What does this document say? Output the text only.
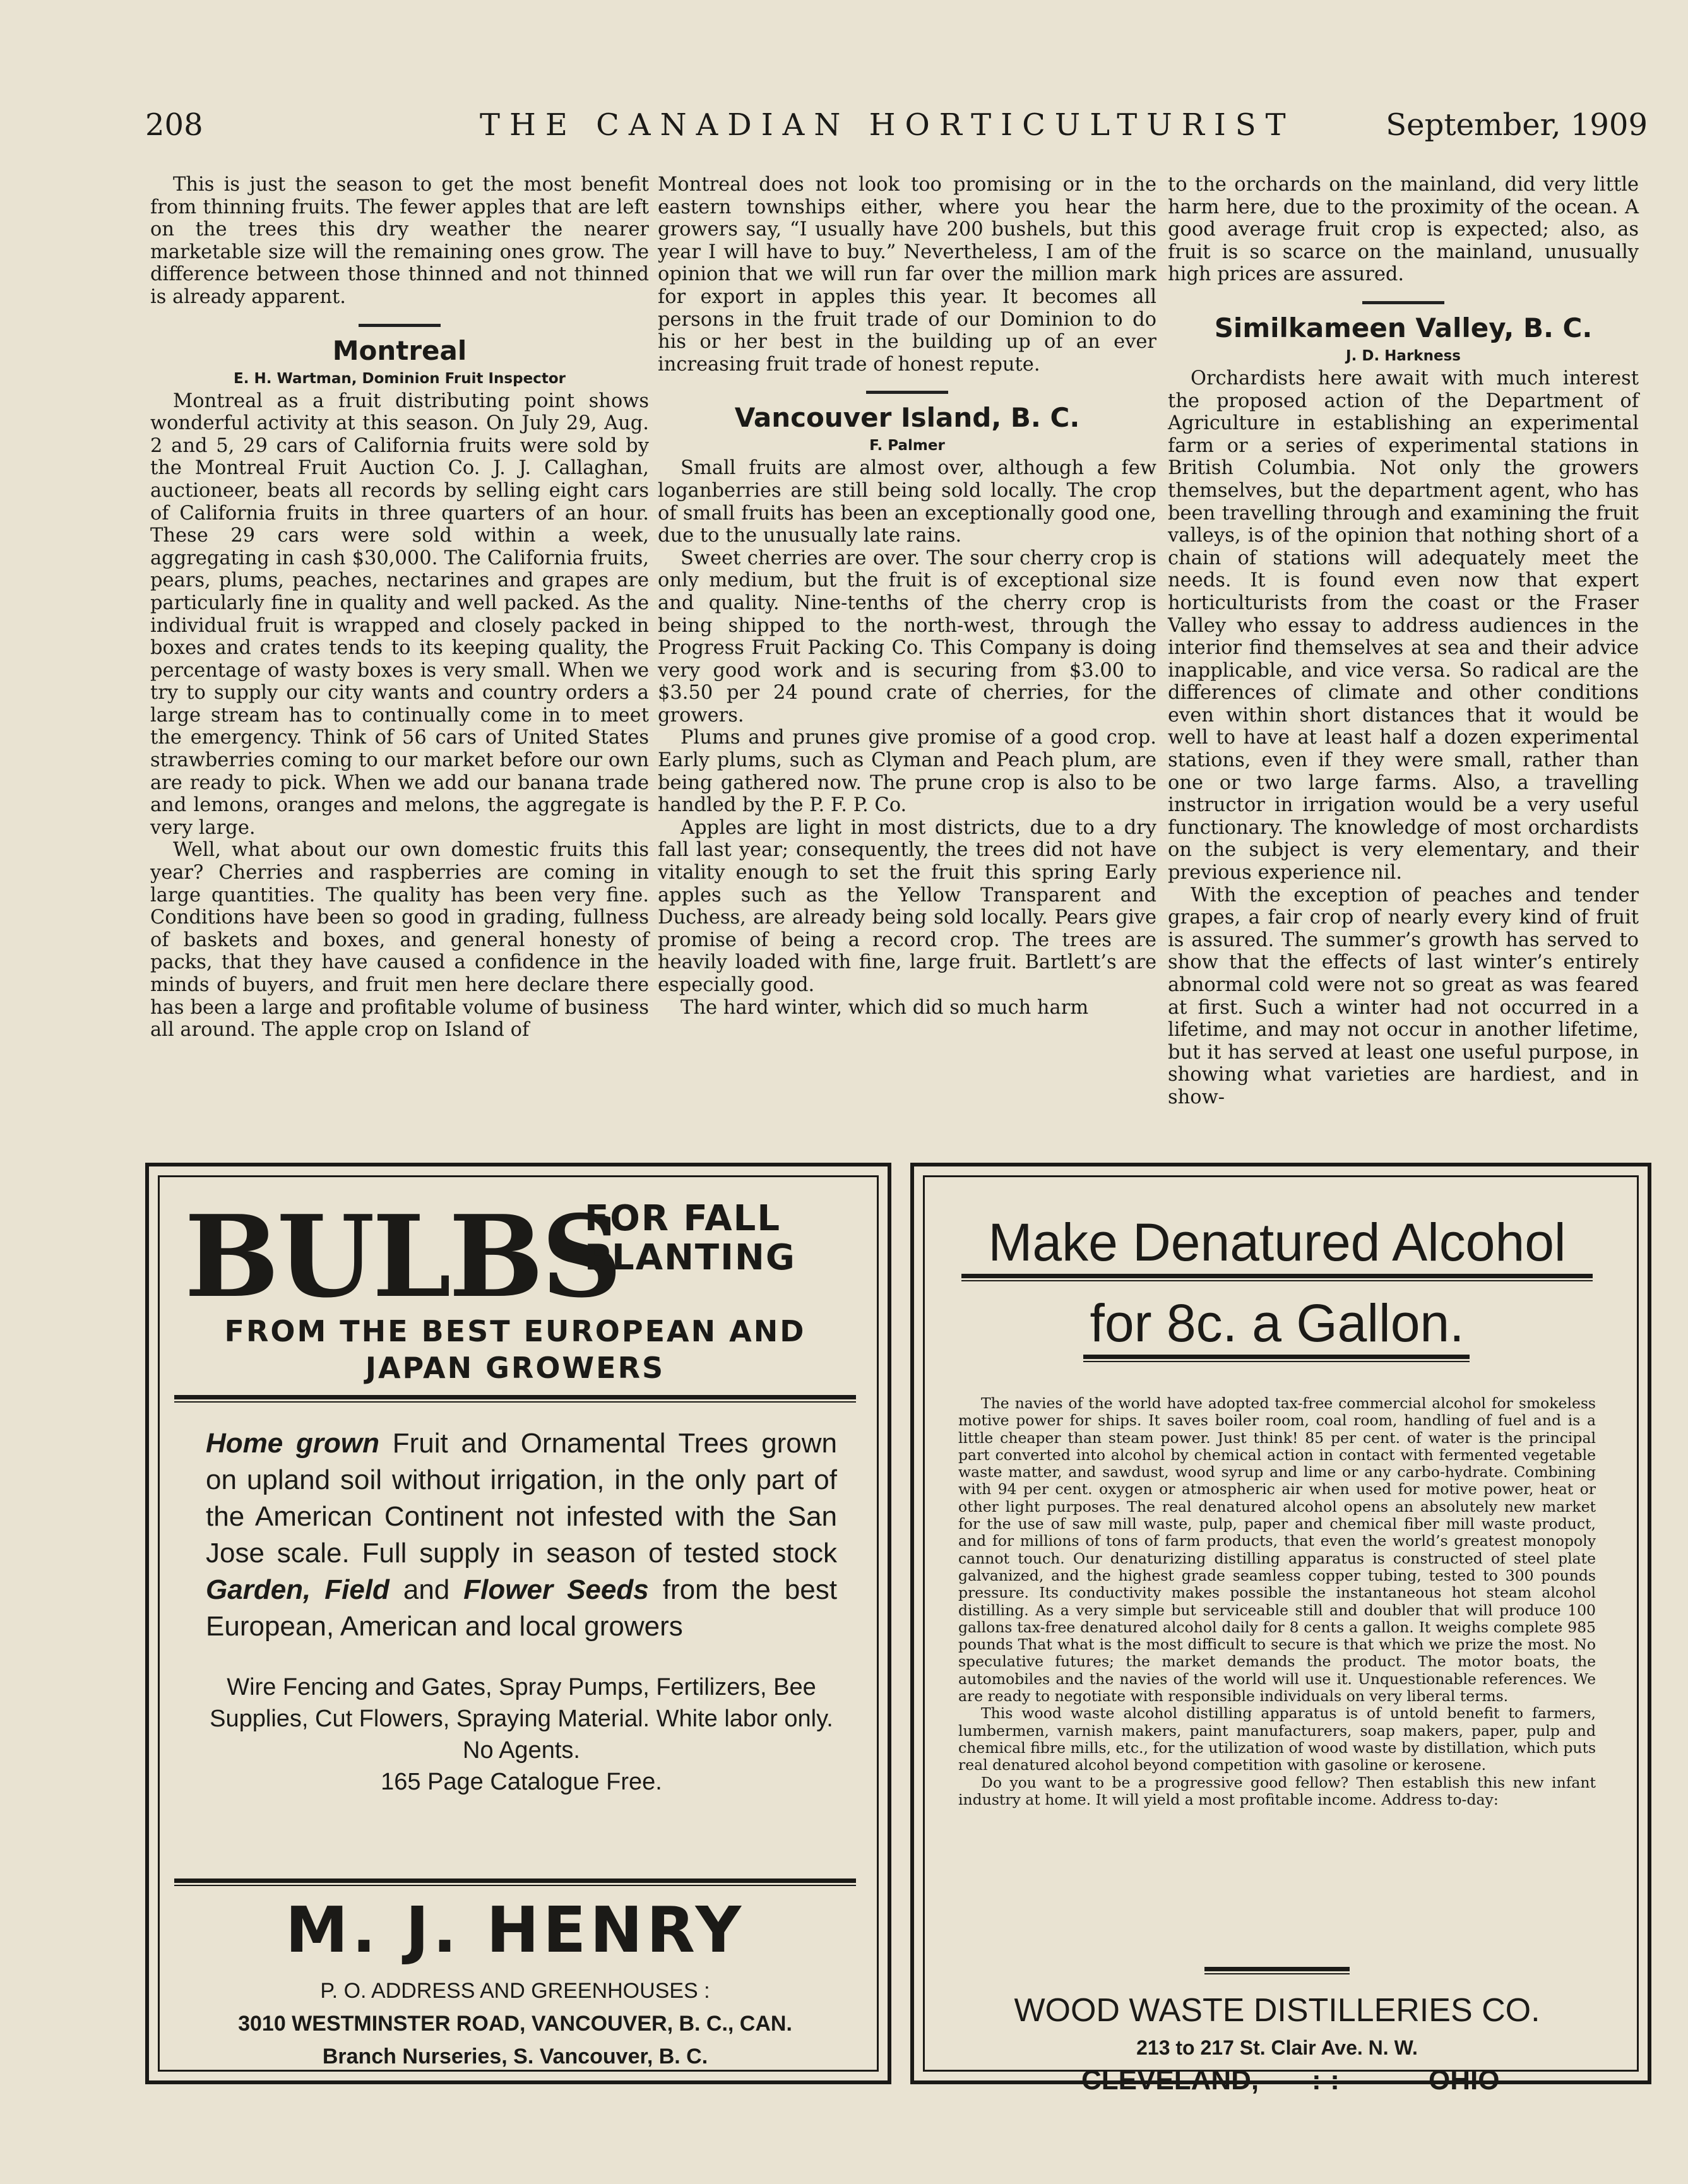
208	THE CANADIAN HORTICULTURIST	September, 1909

This is just the season to get the most benefit from thinning fruits. The fewer apples that are left on the trees this dry weather the nearer marketable size will the remaining ones grow. The difference between those thinned and not thinned is already apparent.

Montreal

E. H. Wartman, Dominion Fruit Inspector

Montreal as a fruit distributing point shows wonderful activity at this season. On July 29, Aug. 2 and 5, 29 cars of California fruits were sold by the Montreal Fruit Auction Co. J. J. Callaghan, auctioneer, beats all records by selling eight cars of California fruits in three quarters of an hour. These 29 cars were sold within a week, aggregating in cash $30,000. The California fruits, pears, plums, peaches, nectarines and grapes are particularly fine in quality and well packed. As the individual fruit is wrapped and closely packed in boxes and crates tends to its keeping quality, the percentage of wasty boxes is very small. When we try to supply our city wants and country orders a large stream has to continually come in to meet the emergency. Think of 56 cars of United States strawberries coming to our market before our own are ready to pick. When we add our banana trade and lemons, oranges and melons, the aggregate is very large.

Well, what about our own domestic fruits this year? Cherries and raspberries are coming in large quantities. The quality has been very fine. Conditions have been so good in grading, fullness of baskets and boxes, and general honesty of packs, that they have caused a confidence in the minds of buyers, and fruit men here declare there has been a large and profitable volume of business all around. The apple crop on Island of

Montreal does not look too promising or in the eastern townships either, where you hear the growers say, “I usually have 200 bushels, but this year I will have to buy.” Nevertheless, I am of the opinion that we will run far over the million mark for export in apples this year. It becomes all persons in the fruit trade of our Dominion to do his or her best in the building up of an ever increasing fruit trade of honest repute.

Vancouver Island, B. C.

F. Palmer

Small fruits are almost over, although a few loganberries are still being sold locally. The crop of small fruits has been an exceptionally good one, due to the unusually late rains.

Sweet cherries are over. The sour cherry crop is only medium, but the fruit is of exceptional size and quality. Nine-tenths of the cherry crop is being shipped to the north-west, through the Progress Fruit Packing Co. This Company is doing very good work and is securing from $3.00 to $3.50 per 24 pound crate of cherries, for the growers.

Plums and prunes give promise of a good crop. Early plums, such as Clyman and Peach plum, are being gathered now. The prune crop is also to be handled by the P. F. P. Co.

Apples are light in most districts, due to a dry fall last year; consequently, the trees did not have vitality enough to set the fruit this spring Early apples such as the Yellow Transparent and Duchess, are already being sold locally. Pears give promise of being a record crop. The trees are heavily loaded with fine, large fruit. Bartlett’s are especially good.

The hard winter, which did so much harm

to the orchards on the mainland, did very little harm here, due to the proximity of the ocean. A good average fruit crop is expected; also, as fruit is so scarce on the mainland, unusually high prices are assured.

Similkameen Valley, B. C.

J. D. Harkness

Orchardists here await with much interest the proposed action of the Department of Agriculture in establishing an experimental farm or a series of experimental stations in British Columbia. Not only the growers themselves, but the department agent, who has been travelling through and examining the fruit valleys, is of the opinion that nothing short of a chain of stations will adequately meet the needs. It is found even now that expert horticulturists from the coast or the Fraser Valley who essay to address audiences in the interior find themselves at sea and their advice inapplicable, and vice versa. So radical are the differences of climate and other conditions even within short distances that it would be well to have at least half a dozen experimental stations, even if they were small, rather than one or two large farms. Also, a travelling instructor in irrigation would be a very useful functionary. The knowledge of most orchardists on the subject is very elementary, and their previous experience nil.

With the exception of peaches and tender grapes, a fair crop of nearly every kind of fruit is assured. The summer’s growth has served to show that the effects of last winter’s entirely abnormal cold were not so great as was feared at first. Such a winter had not occurred in a lifetime, and may not occur in another lifetime, but it has served at least one useful purpose, in showing what varieties are hardiest, and in show-

BULBS
FOR FALL
PLANTING
FROM THE BEST EUROPEAN AND JAPAN GROWERS
Home grown Fruit and Ornamental Trees grown on upland soil without irrigation, in the only part of the American Continent not infested with the San Jose scale. Full supply in season of tested stock Garden, Field and Flower Seeds from the best European, American and local growers
Wire Fencing and Gates, Spray Pumps, Fertilizers, Bee Supplies, Cut Flowers, Spraying Material. White labor only. No Agents.
165 Page Catalogue Free.
M. J. HENRY
P. O. ADDRESS AND GREENHOUSES :
3010 WESTMINSTER ROAD, VANCOUVER, B. C., CAN.
Branch Nurseries, S. Vancouver, B. C.
Make Denatured Alcohol
for 8c. a Gallon.

The navies of the world have adopted tax-free commercial alcohol for smokeless motive power for ships. It saves boiler room, coal room, handling of fuel and is a little cheaper than steam power. Just think! 85 per cent. of water is the principal part converted into alcohol by chemical action in contact with fermented vegetable waste matter, and sawdust, wood syrup and lime or any carbo-hydrate. Combining with 94 per cent. oxygen or atmospheric air when used for motive power, heat or other light purposes. The real denatured alcohol opens an absolutely new market for the use of saw mill waste, pulp, paper and chemical fiber mill waste product, and for millions of tons of farm products, that even the world’s greatest monopoly cannot touch. Our denaturizing distilling apparatus is constructed of steel plate galvanized, and the highest grade seamless copper tubing, tested to 300 pounds pressure. Its conductivity makes possible the instantaneous hot steam alcohol distilling. As a very simple but serviceable still and doubler that will produce 100 gallons tax-free denatured alcohol daily for 8 cents a gallon. It weighs complete 985 pounds That what is the most difficult to secure is that which we prize the most. No speculative futures; the market demands the product. The motor boats, the automobiles and the navies of the world will use it. Unquestionable references. We are ready to negotiate with responsible individuals on very liberal terms.

This wood waste alcohol distilling apparatus is of untold benefit to farmers, lumbermen, varnish makers, paint manufacturers, soap makers, paper, pulp and chemical fibre mills, etc., for the utilization of wood waste by distillation, which puts real denatured alcohol beyond competition with gasoline or kerosene.

Do you want to be a progressive good fellow? Then establish this new infant industry at home. It will yield a most profitable income. Address to-day:

WOOD WASTE DISTILLERIES CO.
213 to 217 St. Clair Ave. N. W.
CLEVELAND, :-:	OHIO
